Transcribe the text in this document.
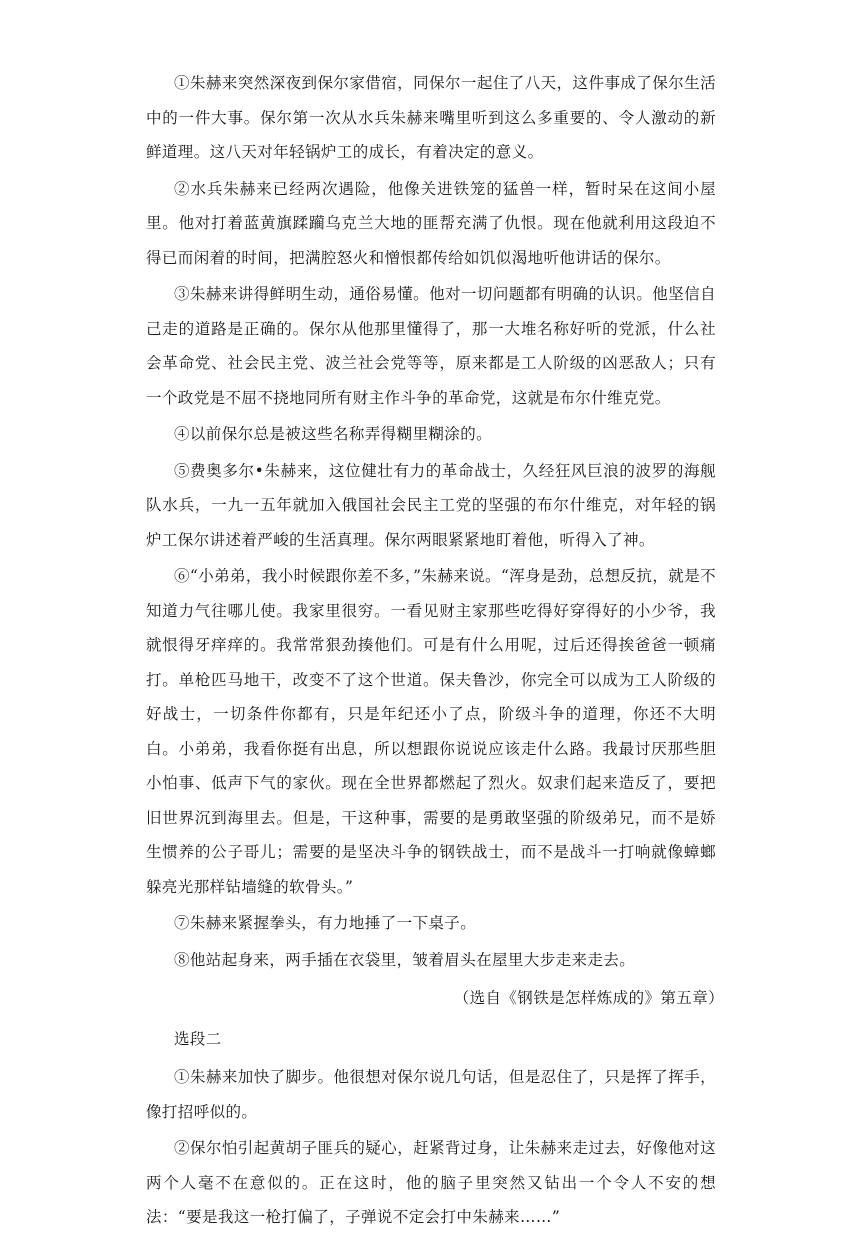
①朱赫来突然深夜到保尔家借宿，同保尔一起住了八天，这件事成了保尔生活中的一件大事。保尔第一次从水兵朱赫来嘴里听到这么多重要的、令人激动的新鲜道理。这八天对年轻锅炉工的成长，有着决定的意义。

②水兵朱赫来已经两次遇险，他像关进铁笼的猛兽一样，暂时呆在这间小屋里。他对打着蓝黄旗蹂躏乌克兰大地的匪帮充满了仇恨。现在他就利用这段迫不得已而闲着的时间，把满腔怒火和憎恨都传给如饥似渴地听他讲话的保尔。

③朱赫来讲得鲜明生动，通俗易懂。他对一切问题都有明确的认识。他坚信自己走的道路是正确的。保尔从他那里懂得了，那一大堆名称好听的党派，什么社会革命党、社会民主党、波兰社会党等等，原来都是工人阶级的凶恶敌人；只有一个政党是不屈不挠地同所有财主作斗争的革命党，这就是布尔什维克党。

④以前保尔总是被这些名称弄得糊里糊涂的。

⑤费奥多尔•朱赫来，这位健壮有力的革命战士，久经狂风巨浪的波罗的海舰队水兵，一九一五年就加入俄国社会民主工党的坚强的布尔什维克，对年轻的锅炉工保尔讲述着严峻的生活真理。保尔两眼紧紧地盯着他，听得入了神。

⑥“小弟弟，我小时候跟你差不多，”朱赫来说。“浑身是劲，总想反抗，就是不知道力气往哪儿使。我家里很穷。一看见财主家那些吃得好穿得好的小少爷，我就恨得牙痒痒的。我常常狠劲揍他们。可是有什么用呢，过后还得挨爸爸一顿痛打。单枪匹马地干，改变不了这个世道。保夫鲁沙，你完全可以成为工人阶级的好战士，一切条件你都有，只是年纪还小了点，阶级斗争的道理，你还不大明白。小弟弟，我看你挺有出息，所以想跟你说说应该走什么路。我最讨厌那些胆小怕事、低声下气的家伙。现在全世界都燃起了烈火。奴隶们起来造反了，要把旧世界沉到海里去。但是，干这种事，需要的是勇敢坚强的阶级弟兄，而不是娇生惯养的公子哥儿；需要的是坚决斗争的钢铁战士，而不是战斗一打响就像蟑螂躲亮光那样钻墙缝的软骨头。”

⑦朱赫来紧握拳头，有力地捶了一下桌子。

⑧他站起身来，两手插在衣袋里，皱着眉头在屋里大步走来走去。

（选自《钢铁是怎样炼成的》第五章）

选段二

①朱赫来加快了脚步。他很想对保尔说几句话，但是忍住了，只是挥了挥手，像打招呼似的。

②保尔怕引起黄胡子匪兵的疑心，赶紧背过身，让朱赫来走过去，好像他对这两个人毫不在意似的。正在这时，他的脑子里突然又钻出一个令人不安的想法：“要是我这一枪打偏了，子弹说不定会打中朱赫来……”
